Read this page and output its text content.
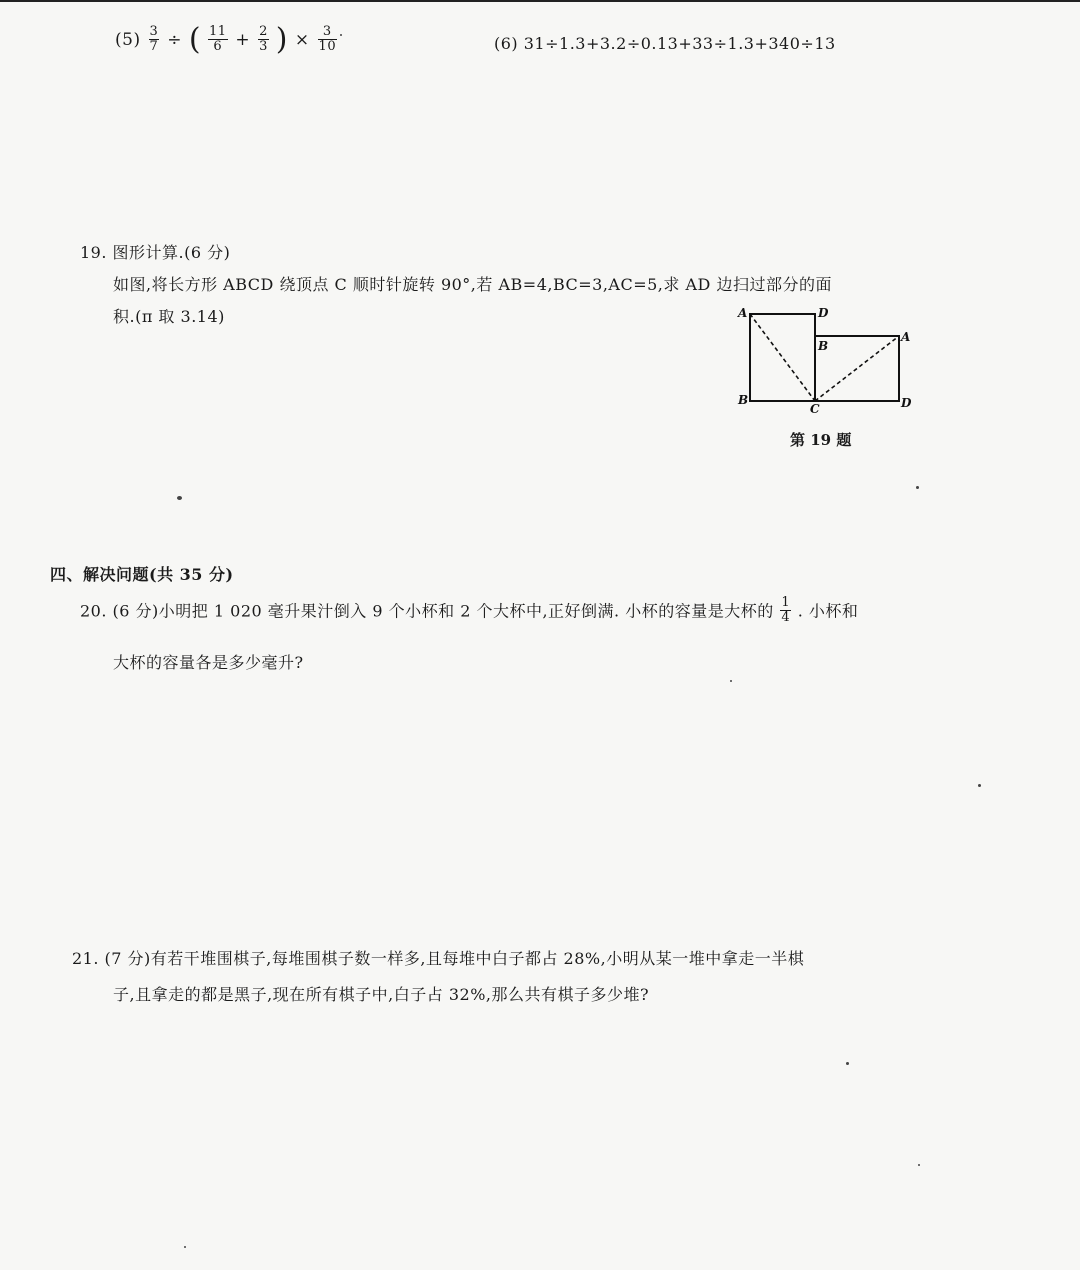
$(5) \frac{3}{7}$ ÷ ( $\frac{11}{6} + \frac{2}{3}$ ) × $\frac{3}{10}$	(6) 31÷1.3+3.2÷0.13+33÷1.3+340÷13
19. 图形计算.(6 分)
如图,将长方形 ABCD 绕顶点 C 顺时针旋转 90°,若 AB=4,BC=3,AC=5,求 AD 边扫过部分的面
积.(π 取 3.14)	A	D
B
A
B
C	D
第 19 题
四、解决问题(共 35 分)
20. (6 分)小明把 1 020 毫升果汁倒入 9 个小杯和 2 个大杯中,正好倒满. 小杯的容量是大杯的 $\frac{1}{4}$ . 小杯和
大杯的容量各是多少毫升?
21. (7 分)有若干堆围棋子,每堆围棋子数一样多,且每堆中白子都占 28%,小明从某一堆中拿走一半棋
子,且拿走的都是黑子,现在所有棋子中,白子占 32%,那么共有棋子多少堆?
